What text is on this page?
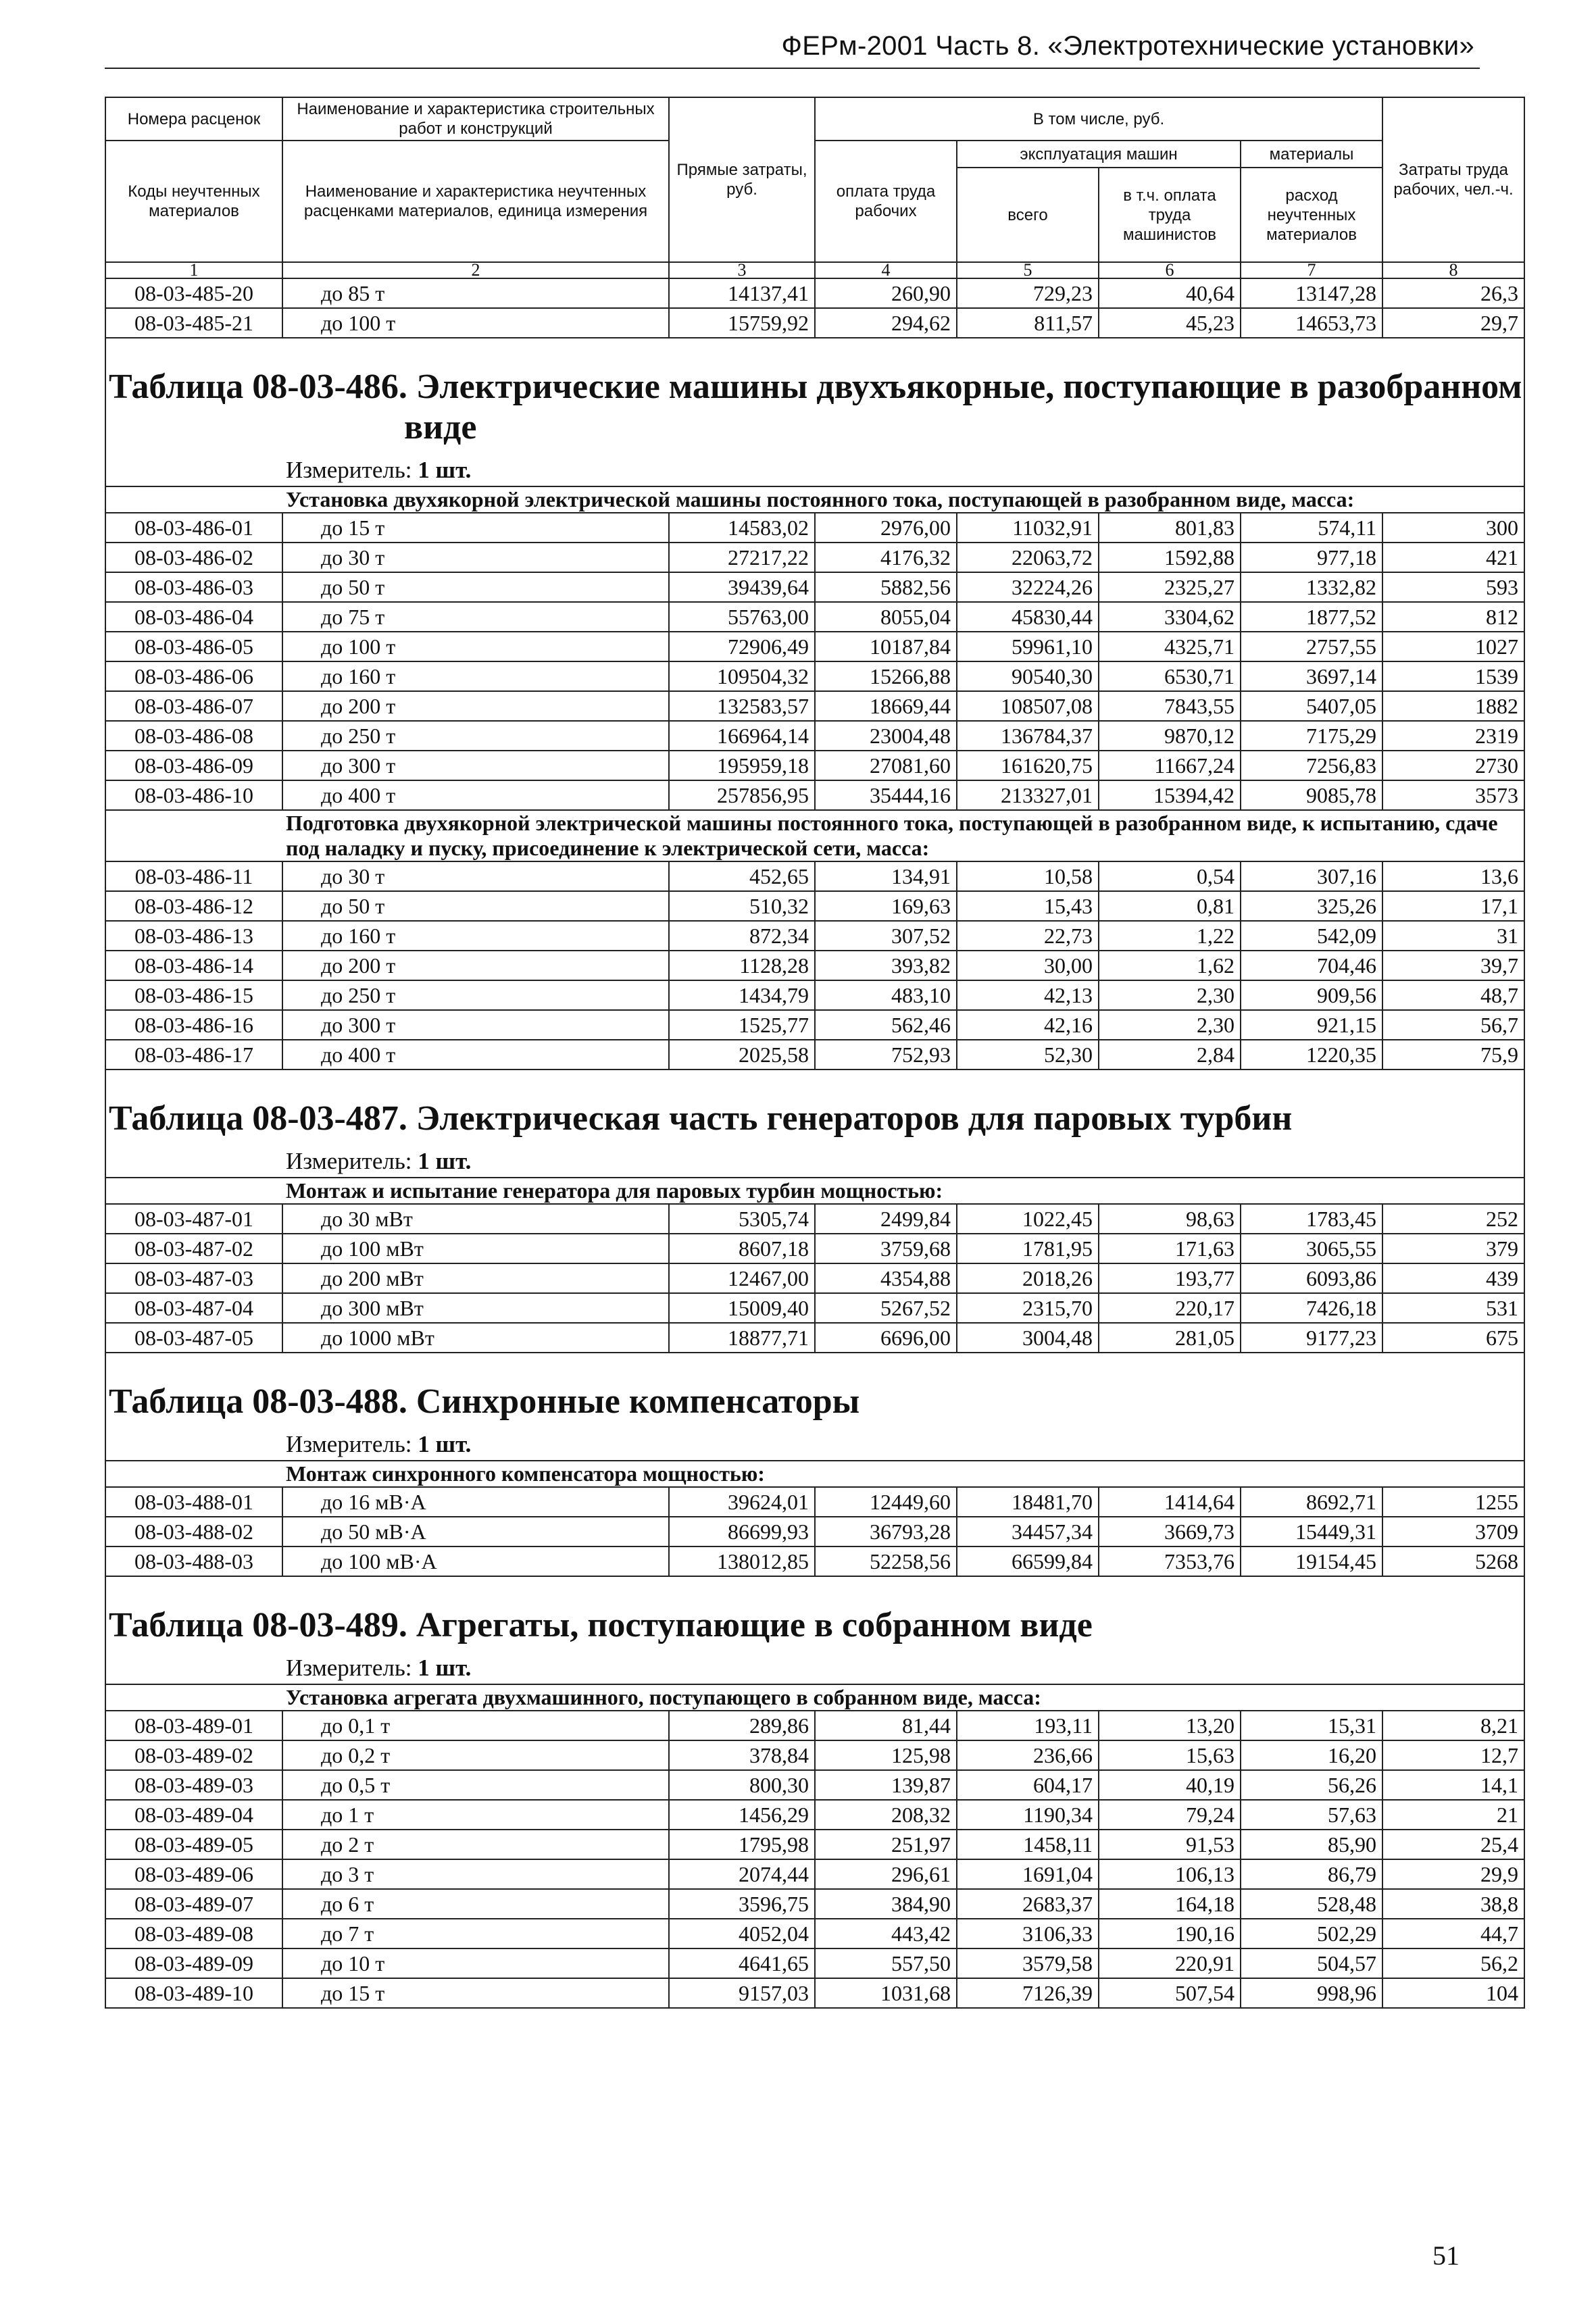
ФЕРм-2001 Часть 8. «Электротехнические установки»
Номера расценок	Наименование и характеристика строительных работ и конструкций	Прямые затраты, руб.	В том числе, руб.				Затраты труда рабочих, чел.-ч.
Коды неучтенных материалов	Наименование и характеристика неучтенных расценками материалов, единица измерения		оплата труда рабочих	эксплуатация машин		материалы	
				всего	в т.ч. оплата труда машинистов	расход неучтенных материалов	

1	2	3	4	5	6	7	8
08-03-485-20	до 85 т	14137,41	260,90	729,23	40,64	13147,28	26,3
08-03-485-21	до 100 т	15759,92	294,62	811,57	45,23	14653,73	29,7

Таблица 08-03-486. Электрические машины двухъякорные, поступающие в разобранном
виде
Измеритель: 1 шт.							

Установка двухякорной электрической машины постоянного тока, поступающей в разобранном виде, масса:							
08-03-486-01	до 15 т	14583,02	2976,00	11032,91	801,83	574,11	300
08-03-486-02	до 30 т	27217,22	4176,32	22063,72	1592,88	977,18	421
08-03-486-03	до 50 т	39439,64	5882,56	32224,26	2325,27	1332,82	593
08-03-486-04	до 75 т	55763,00	8055,04	45830,44	3304,62	1877,52	812
08-03-486-05	до 100 т	72906,49	10187,84	59961,10	4325,71	2757,55	1027
08-03-486-06	до 160 т	109504,32	15266,88	90540,30	6530,71	3697,14	1539
08-03-486-07	до 200 т	132583,57	18669,44	108507,08	7843,55	5407,05	1882
08-03-486-08	до 250 т	166964,14	23004,48	136784,37	9870,12	7175,29	2319
08-03-486-09	до 300 т	195959,18	27081,60	161620,75	11667,24	7256,83	2730
08-03-486-10	до 400 т	257856,95	35444,16	213327,01	15394,42	9085,78	3573
Подготовка двухякорной электрической машины постоянного тока, поступающей в разобранном виде, к испытанию, сдаче под наладку и пуску, присоединение к электрической сети, масса:							
08-03-486-11	до 30 т	452,65	134,91	10,58	0,54	307,16	13,6
08-03-486-12	до 50 т	510,32	169,63	15,43	0,81	325,26	17,1
08-03-486-13	до 160 т	872,34	307,52	22,73	1,22	542,09	31
08-03-486-14	до 200 т	1128,28	393,82	30,00	1,62	704,46	39,7
08-03-486-15	до 250 т	1434,79	483,10	42,13	2,30	909,56	48,7
08-03-486-16	до 300 т	1525,77	562,46	42,16	2,30	921,15	56,7
08-03-486-17	до 400 т	2025,58	752,93	52,30	2,84	1220,35	75,9

Таблица 08-03-487. Электрическая часть генераторов для паровых турбин
Измеритель: 1 шт.							

Монтаж и испытание генератора для паровых турбин мощностью:							
08-03-487-01	до 30 мВт	5305,74	2499,84	1022,45	98,63	1783,45	252
08-03-487-02	до 100 мВт	8607,18	3759,68	1781,95	171,63	3065,55	379
08-03-487-03	до 200 мВт	12467,00	4354,88	2018,26	193,77	6093,86	439
08-03-487-04	до 300 мВт	15009,40	5267,52	2315,70	220,17	7426,18	531
08-03-487-05	до 1000 мВт	18877,71	6696,00	3004,48	281,05	9177,23	675

Таблица 08-03-488. Синхронные компенсаторы
Измеритель: 1 шт.							

Монтаж синхронного компенсатора мощностью:							
08-03-488-01	до 16 мВ·А	39624,01	12449,60	18481,70	1414,64	8692,71	1255
08-03-488-02	до 50 мВ·А	86699,93	36793,28	34457,34	3669,73	15449,31	3709
08-03-488-03	до 100 мВ·А	138012,85	52258,56	66599,84	7353,76	19154,45	5268

Таблица 08-03-489. Агрегаты, поступающие в собранном виде
Измеритель: 1 шт.							

Установка агрегата двухмашинного, поступающего в собранном виде, масса:							
08-03-489-01	до 0,1 т	289,86	81,44	193,11	13,20	15,31	8,21
08-03-489-02	до 0,2 т	378,84	125,98	236,66	15,63	16,20	12,7
08-03-489-03	до 0,5 т	800,30	139,87	604,17	40,19	56,26	14,1
08-03-489-04	до 1 т	1456,29	208,32	1190,34	79,24	57,63	21
08-03-489-05	до 2 т	1795,98	251,97	1458,11	91,53	85,90	25,4
08-03-489-06	до 3 т	2074,44	296,61	1691,04	106,13	86,79	29,9
08-03-489-07	до 6 т	3596,75	384,90	2683,37	164,18	528,48	38,8
08-03-489-08	до 7 т	4052,04	443,42	3106,33	190,16	502,29	44,7
08-03-489-09	до 10 т	4641,65	557,50	3579,58	220,91	504,57	56,2
08-03-489-10	до 15 т	9157,03	1031,68	7126,39	507,54	998,96	104
51
